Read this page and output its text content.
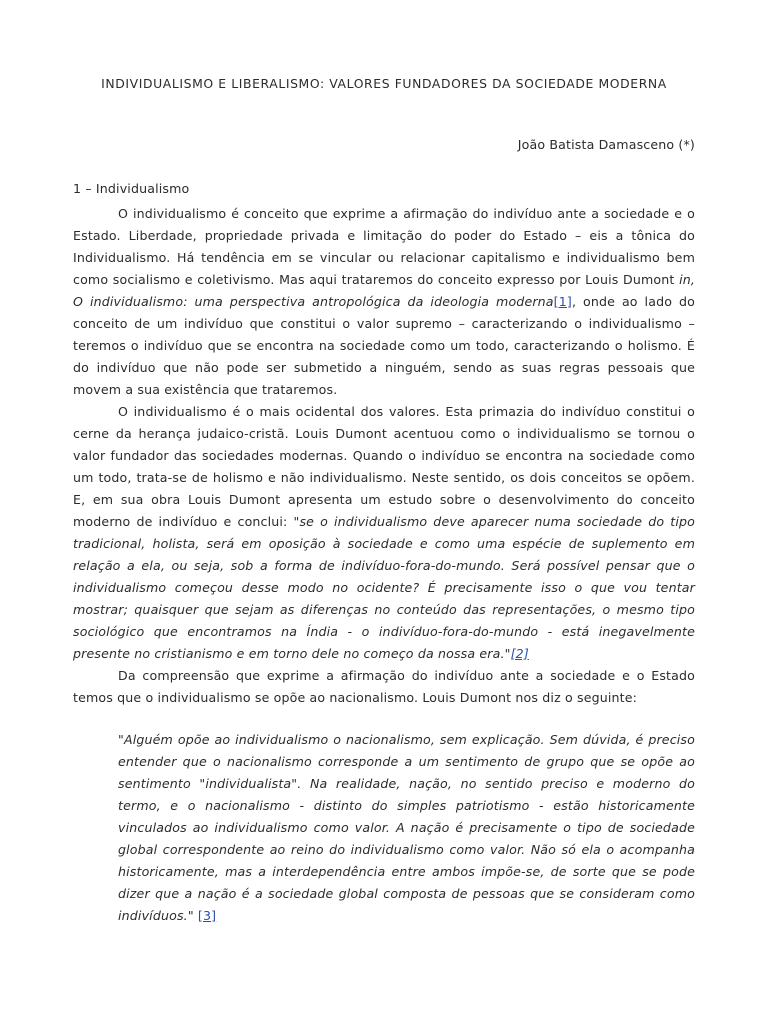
INDIVIDUALISMO E LIBERALISMO: VALORES FUNDADORES DA SOCIEDADE MODERNA
João Batista Damasceno (*)
1 – Individualismo

O individualismo é conceito que exprime a afirmação do indivíduo ante a sociedade e o Estado. Liberdade, propriedade privada e limitação do poder do Estado – eis a tônica do Individualismo. Há tendência em se vincular ou relacionar capitalismo e individualismo bem como socialismo e coletivismo. Mas aqui trataremos do conceito expresso por Louis Dumont in, O individualismo: uma perspectiva antropológica da ideologia moderna[1], onde ao lado do conceito de um indivíduo que constitui o valor supremo – caracterizando o individualismo – teremos o indivíduo que se encontra na sociedade como um todo, caracterizando o holismo. É do indivíduo que não pode ser submetido a ninguém, sendo as suas regras pessoais que movem a sua existência que trataremos.

O individualismo é o mais ocidental dos valores. Esta primazia do indivíduo constitui o cerne da herança judaico-cristã. Louis Dumont acentuou como o individualismo se tornou o valor fundador das sociedades modernas. Quando o indivíduo se encontra na sociedade como um todo, trata-se de holismo e não individualismo. Neste sentido, os dois conceitos se opõem. E, em sua obra Louis Dumont apresenta um estudo sobre o desenvolvimento do conceito moderno de indivíduo e conclui: "se o individualismo deve aparecer numa sociedade do tipo tradicional, holista, será em oposição à sociedade e como uma espécie de suplemento em relação a ela, ou seja, sob a forma de indivíduo-fora-do-mundo. Será possível pensar que o individualismo começou desse modo no ocidente? É precisamente isso o que vou tentar mostrar; quaisquer que sejam as diferenças no conteúdo das representações, o mesmo tipo sociológico que encontramos na Índia - o indivíduo-fora-do-mundo - está inegavelmente presente no cristianismo e em torno dele no começo da nossa era."[2]

Da compreensão que exprime a afirmação do indivíduo ante a sociedade e o Estado temos que o individualismo se opõe ao nacionalismo. Louis Dumont nos diz o seguinte:

"Alguém opõe ao individualismo o nacionalismo, sem explicação. Sem dúvida, é preciso entender que o nacionalismo corresponde a um sentimento de grupo que se opõe ao sentimento "individualista". Na realidade, nação, no sentido preciso e moderno do termo, e o nacionalismo - distinto do simples patriotismo - estão historicamente vinculados ao individualismo como valor. A nação é precisamente o tipo de sociedade global correspondente ao reino do individualismo como valor. Não só ela o acompanha historicamente, mas a interdependência entre ambos impõe-se, de sorte que se pode dizer que a nação é a sociedade global composta de pessoas que se consideram como indivíduos." [3]
